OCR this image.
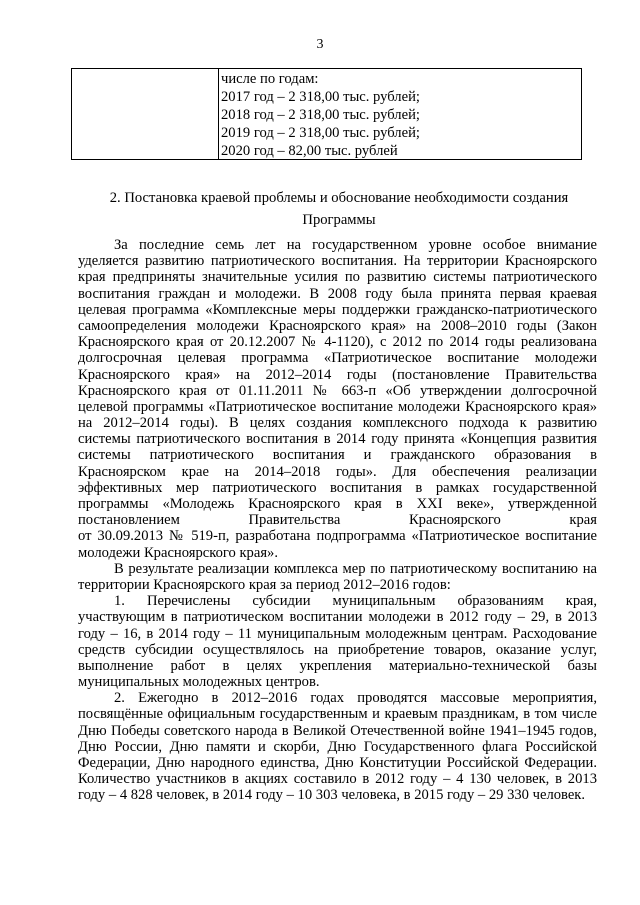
3
числе по годам:
2017 год – 2 318,00 тыс. рублей;
2018 год – 2 318,00 тыс. рублей;
2019 год – 2 318,00 тыс. рублей;
2020 год – 82,00 тыс. рублей
2. Постановка краевой проблемы и обоснование необходимости создания
Программы

За последние семь лет на государственном уровне особое внимание
уделяется развитию патриотического воспитания. На территории Красноярского
края предприняты значительные усилия по развитию системы патриотического
воспитания граждан и молодежи. В 2008 году была принята первая краевая
целевая программа «Комплексные меры поддержки гражданско-патриотического
самоопределения молодежи Красноярского края» на 2008–2010 годы (Закон
Красноярского края от 20.12.2007 № 4-1120), с 2012 по 2014 годы реализована
долгосрочная целевая программа «Патриотическое воспитание молодежи
Красноярского края» на 2012–2014 годы (постановление Правительства
Красноярского края от 01.11.2011 № 663-п «Об утверждении долгосрочной
целевой программы «Патриотическое воспитание молодежи Красноярского края»
на 2012–2014 годы). В целях создания комплексного подхода к развитию
системы патриотического воспитания в 2014 году принята «Концепция развития
системы патриотического воспитания и гражданского образования в
Красноярском крае на 2014–2018 годы». Для обеспечения реализации
эффективных мер патриотического воспитания в рамках государственной
программы «Молодежь Красноярского края в XXI веке», утвержденной
постановлением Правительства Красноярского края
от 30.09.2013 № 519-п, разработана подпрограмма «Патриотическое воспитание
молодежи Красноярского края».

В результате реализации комплекса мер по патриотическому воспитанию на
территории Красноярского края за период 2012–2016 годов:

1. Перечислены субсидии муниципальным образованиям края,
участвующим в патриотическом воспитании молодежи в 2012 году – 29, в 2013
году – 16, в 2014 году – 11 муниципальным молодежным центрам. Расходование
средств субсидии осуществлялось на приобретение товаров, оказание услуг,
выполнение работ в целях укрепления материально-технической базы
муниципальных молодежных центров.

2. Ежегодно в 2012–2016 годах проводятся массовые мероприятия,
посвящённые официальным государственным и краевым праздникам, в том числе
Дню Победы советского народа в Великой Отечественной войне 1941–1945 годов,
Дню России, Дню памяти и скорби, Дню Государственного флага Российской
Федерации, Дню народного единства, Дню Конституции Российской Федерации.
Количество участников в акциях составило в 2012 году – 4 130 человек, в 2013
году – 4 828 человек, в 2014 году – 10 303 человека, в 2015 году – 29 330 человек.
